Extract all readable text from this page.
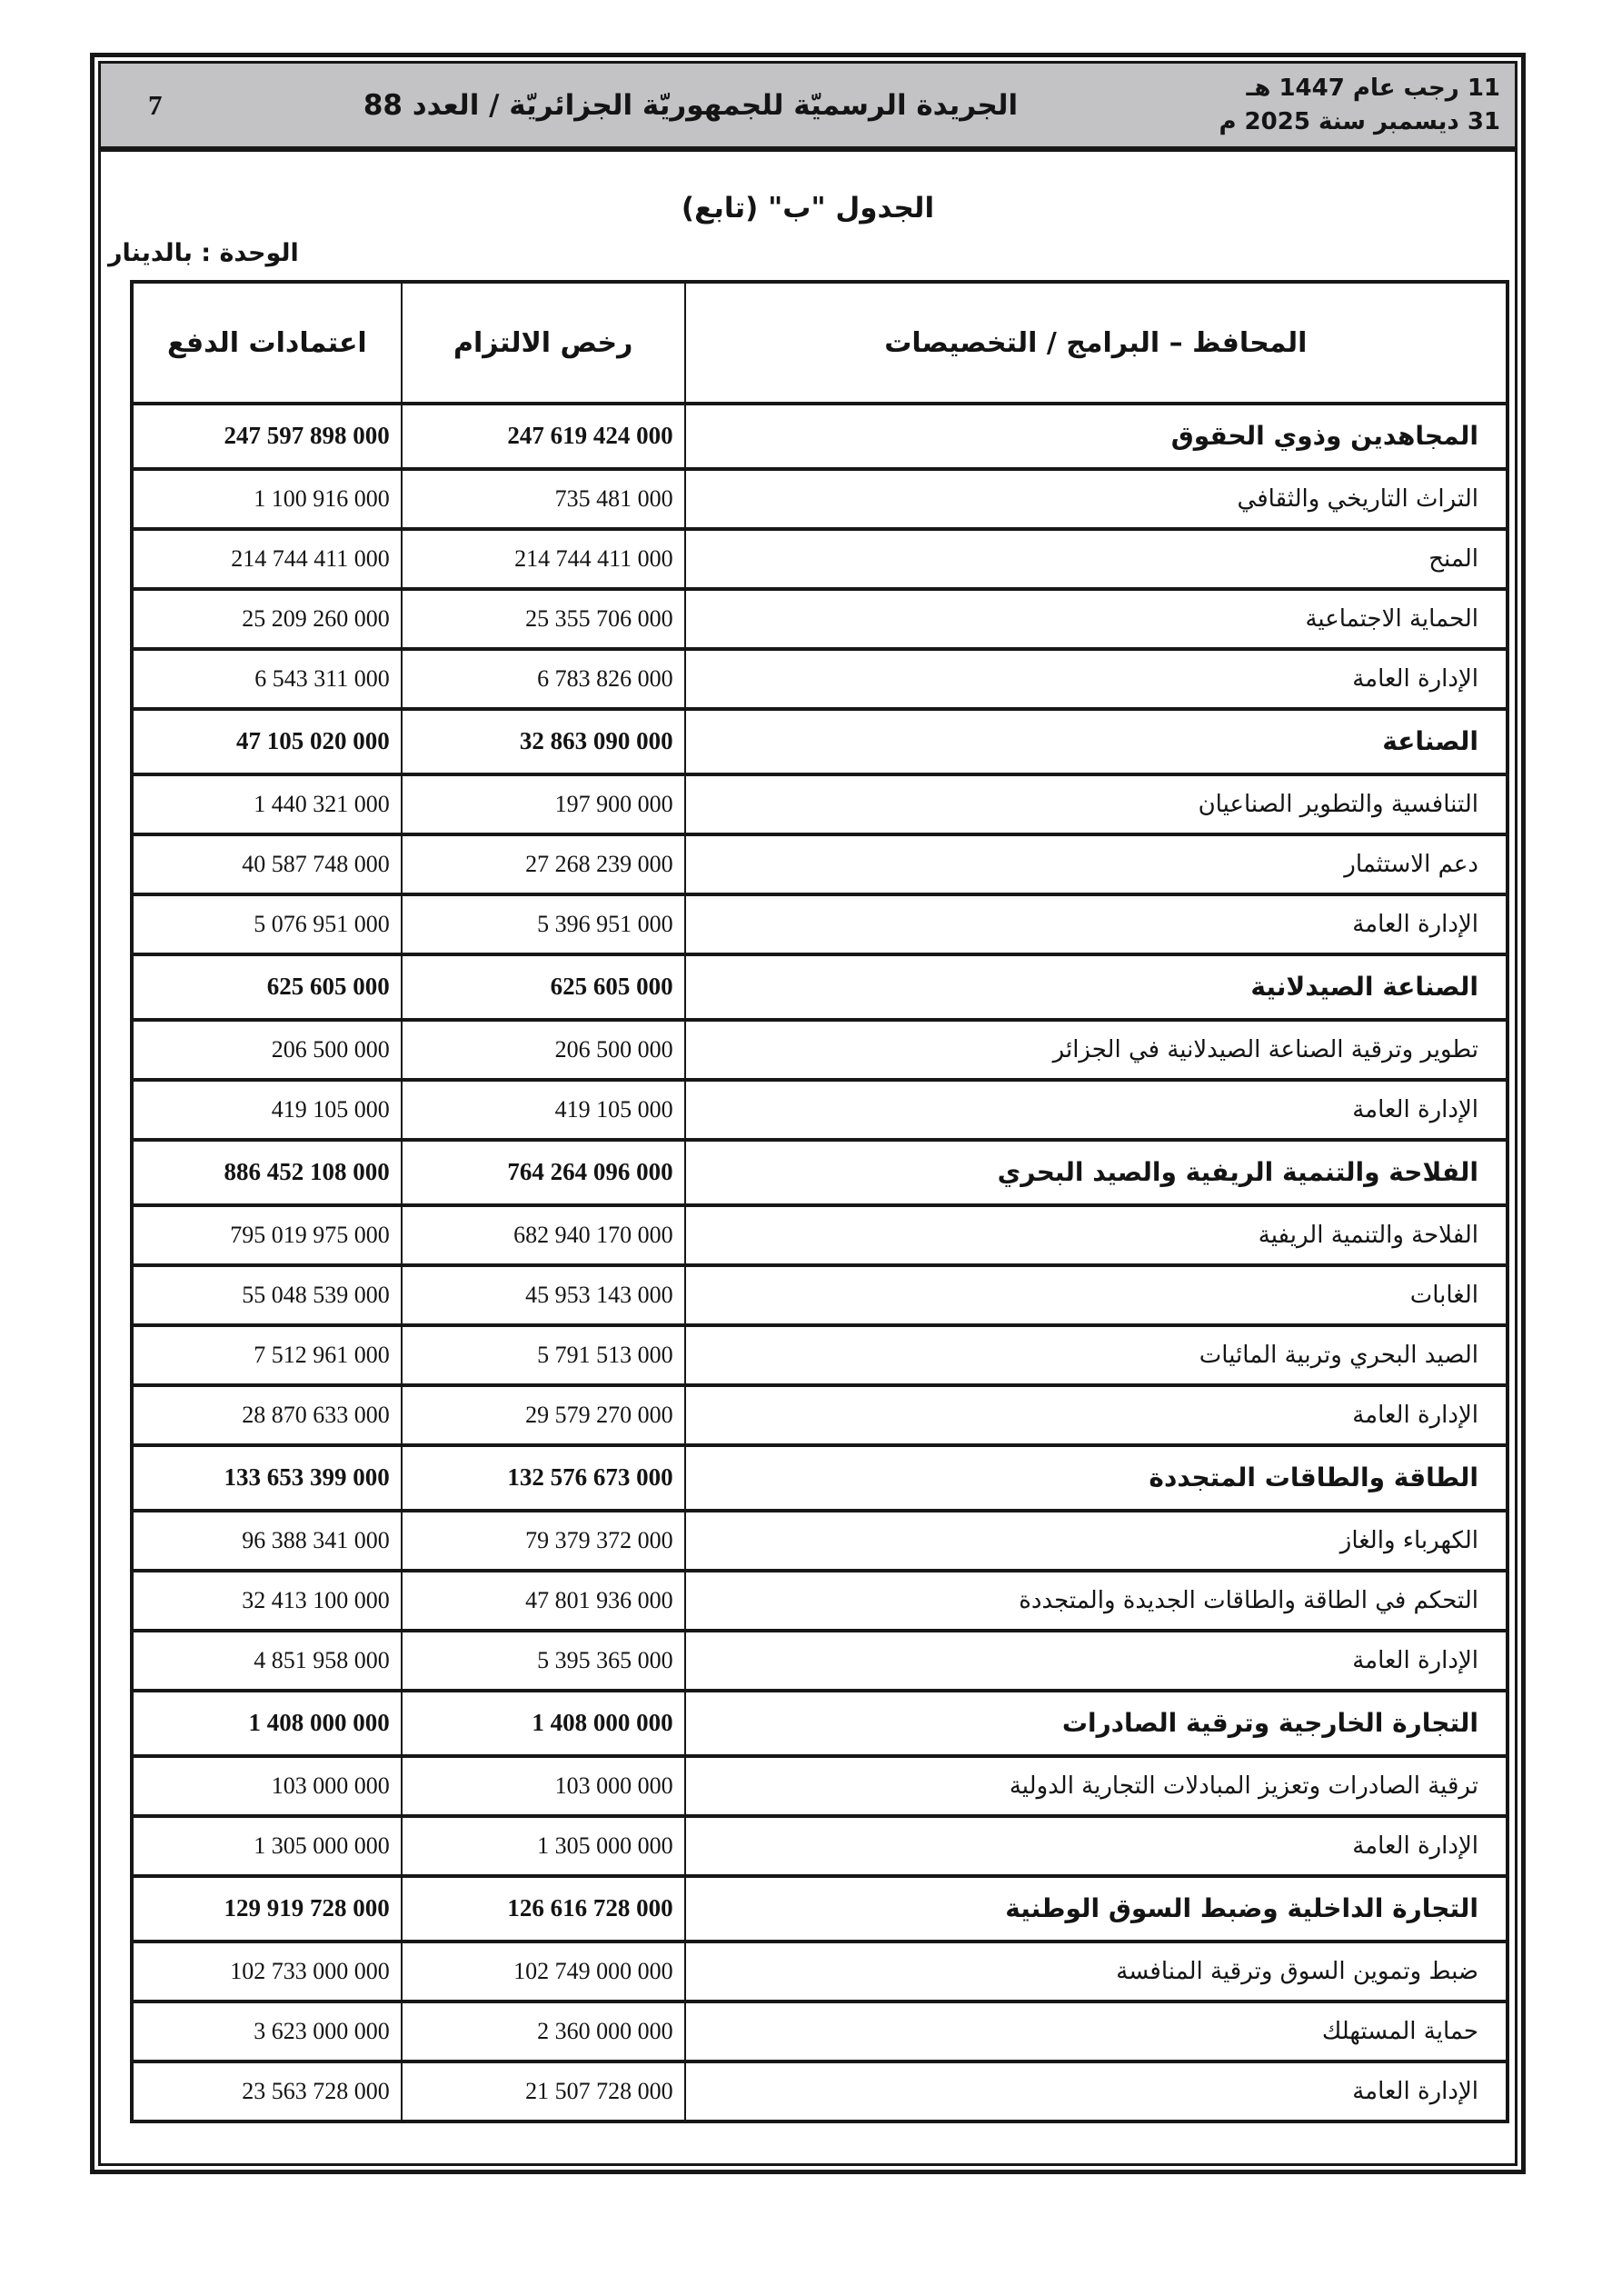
11 رجب عام 1447 هـ
31 ديسمبر سنة 2025 م
الجريدة الرسميّة للجمهوريّة الجزائريّة / العدد 88
7
الجدول "ب" (تابع)
الوحدة : بالدينار
المحافظ – البرامج / التخصيصات	رخص الالتزام	اعتمادات الدفع
المجاهدين وذوي الحقوق	247 619 424 000	247 597 898 000
التراث التاريخي والثقافي	735 481 000	1 100 916 000
المنح	214 744 411 000	214 744 411 000
الحماية الاجتماعية	25 355 706 000	25 209 260 000
الإدارة العامة	6 783 826 000	6 543 311 000
الصناعة	32 863 090 000	47 105 020 000
التنافسية والتطوير الصناعيان	197 900 000	1 440 321 000
دعم الاستثمار	27 268 239 000	40 587 748 000
الإدارة العامة	5 396 951 000	5 076 951 000
الصناعة الصيدلانية	625 605 000	625 605 000
تطوير وترقية الصناعة الصيدلانية في الجزائر	206 500 000	206 500 000
الإدارة العامة	419 105 000	419 105 000
الفلاحة والتنمية الريفية والصيد البحري	764 264 096 000	886 452 108 000
الفلاحة والتنمية الريفية	682 940 170 000	795 019 975 000
الغابات	45 953 143 000	55 048 539 000
الصيد البحري وتربية المائيات	5 791 513 000	7 512 961 000
الإدارة العامة	29 579 270 000	28 870 633 000
الطاقة والطاقات المتجددة	132 576 673 000	133 653 399 000
الكهرباء والغاز	79 379 372 000	96 388 341 000
التحكم في الطاقة والطاقات الجديدة والمتجددة	47 801 936 000	32 413 100 000
الإدارة العامة	5 395 365 000	4 851 958 000
التجارة الخارجية وترقية الصادرات	1 408 000 000	1 408 000 000
ترقية الصادرات وتعزيز المبادلات التجارية الدولية	103 000 000	103 000 000
الإدارة العامة	1 305 000 000	1 305 000 000
التجارة الداخلية وضبط السوق الوطنية	126 616 728 000	129 919 728 000
ضبط وتموين السوق وترقية المنافسة	102 749 000 000	102 733 000 000
حماية المستهلك	2 360 000 000	3 623 000 000
الإدارة العامة	21 507 728 000	23 563 728 000
